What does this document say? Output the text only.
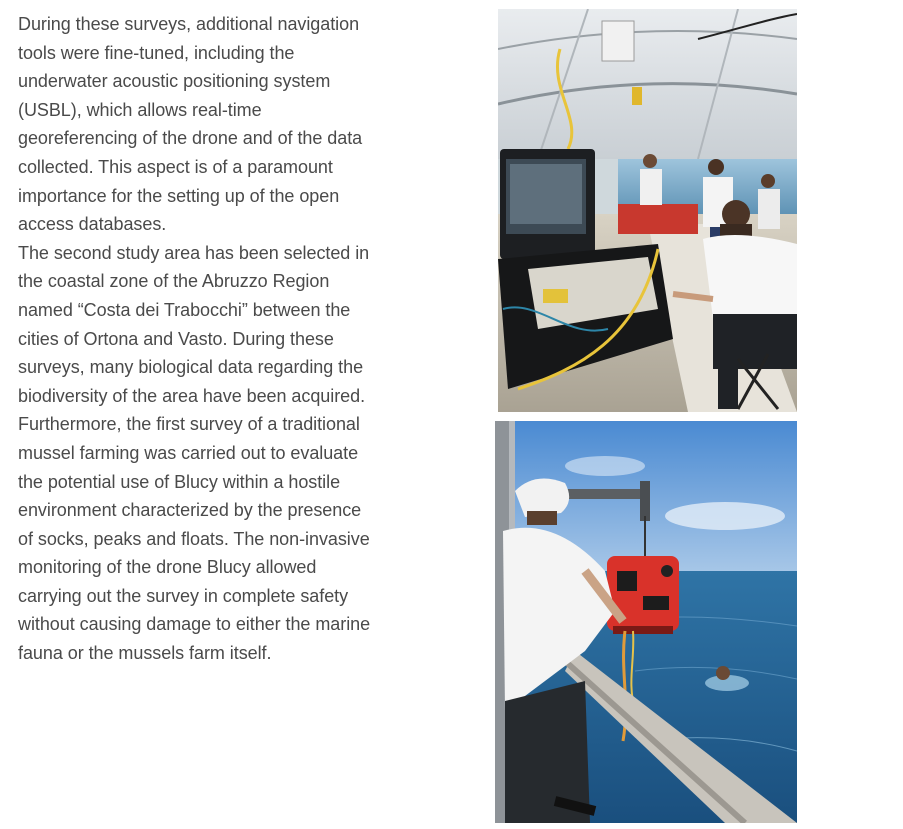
During these surveys, additional navigation tools were fine-tuned, including the underwater acoustic positioning system (USBL), which allows real-time georeferencing of the drone and of the data collected. This aspect is of a paramount importance for the setting up of the open access databases.

The second study area has been selected in the coastal zone of the Abruzzo Region named “Costa dei Trabocchi” between the cities of Ortona and Vasto. During these surveys, many biological data regarding the biodiversity of the area have been acquired. Furthermore, the first survey of a traditional mussel farming was carried out to evaluate the potential use of Blucy within a hostile environment characterized by the presence of socks, peaks and floats. The non-invasive monitoring of the drone Blucy allowed carrying out the survey in complete safety without causing damage to either the marine fauna or the mussels farm itself.
